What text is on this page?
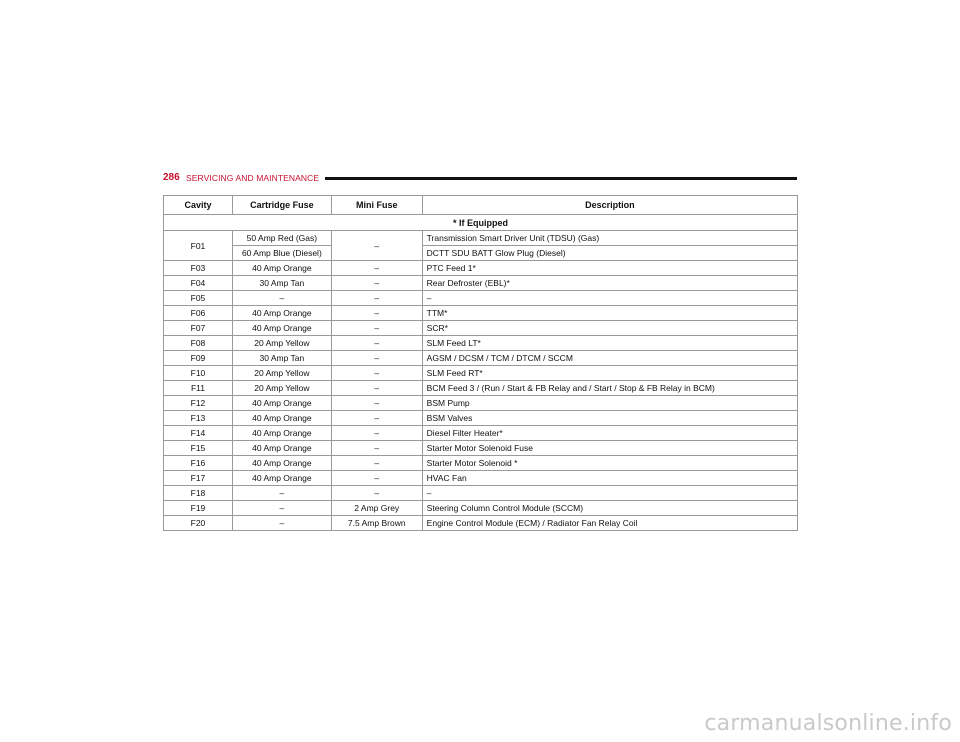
286 SERVICING AND MAINTENANCE
Cavity	Cartridge Fuse	Mini Fuse	Description
* If Equipped			
F01	50 Amp Red (Gas)	–	Transmission Smart Driver Unit (TDSU) (Gas)
	60 Amp Blue (Diesel)		DCTT SDU BATT Glow Plug (Diesel)
F03	40 Amp Orange	–	PTC Feed 1*
F04	30 Amp Tan	–	Rear Defroster (EBL)*
F05	–	–	–
F06	40 Amp Orange	–	TTM*
F07	40 Amp Orange	–	SCR*
F08	20 Amp Yellow	–	SLM Feed LT*
F09	30 Amp Tan	–	AGSM / DCSM / TCM / DTCM / SCCM
F10	20 Amp Yellow	–	SLM Feed RT*
F11	20 Amp Yellow	–	BCM Feed 3 / (Run / Start & FB Relay and / Start / Stop & FB Relay in BCM)
F12	40 Amp Orange	–	BSM Pump
F13	40 Amp Orange	–	BSM Valves
F14	40 Amp Orange	–	Diesel Filter Heater*
F15	40 Amp Orange	–	Starter Motor Solenoid Fuse
F16	40 Amp Orange	–	Starter Motor Solenoid *
F17	40 Amp Orange	–	HVAC Fan
F18	–	–	–
F19	–	2 Amp Grey	Steering Column Control Module (SCCM)
F20	–	7.5 Amp Brown	Engine Control Module (ECM) / Radiator Fan Relay Coil
carmanualsonline.info
